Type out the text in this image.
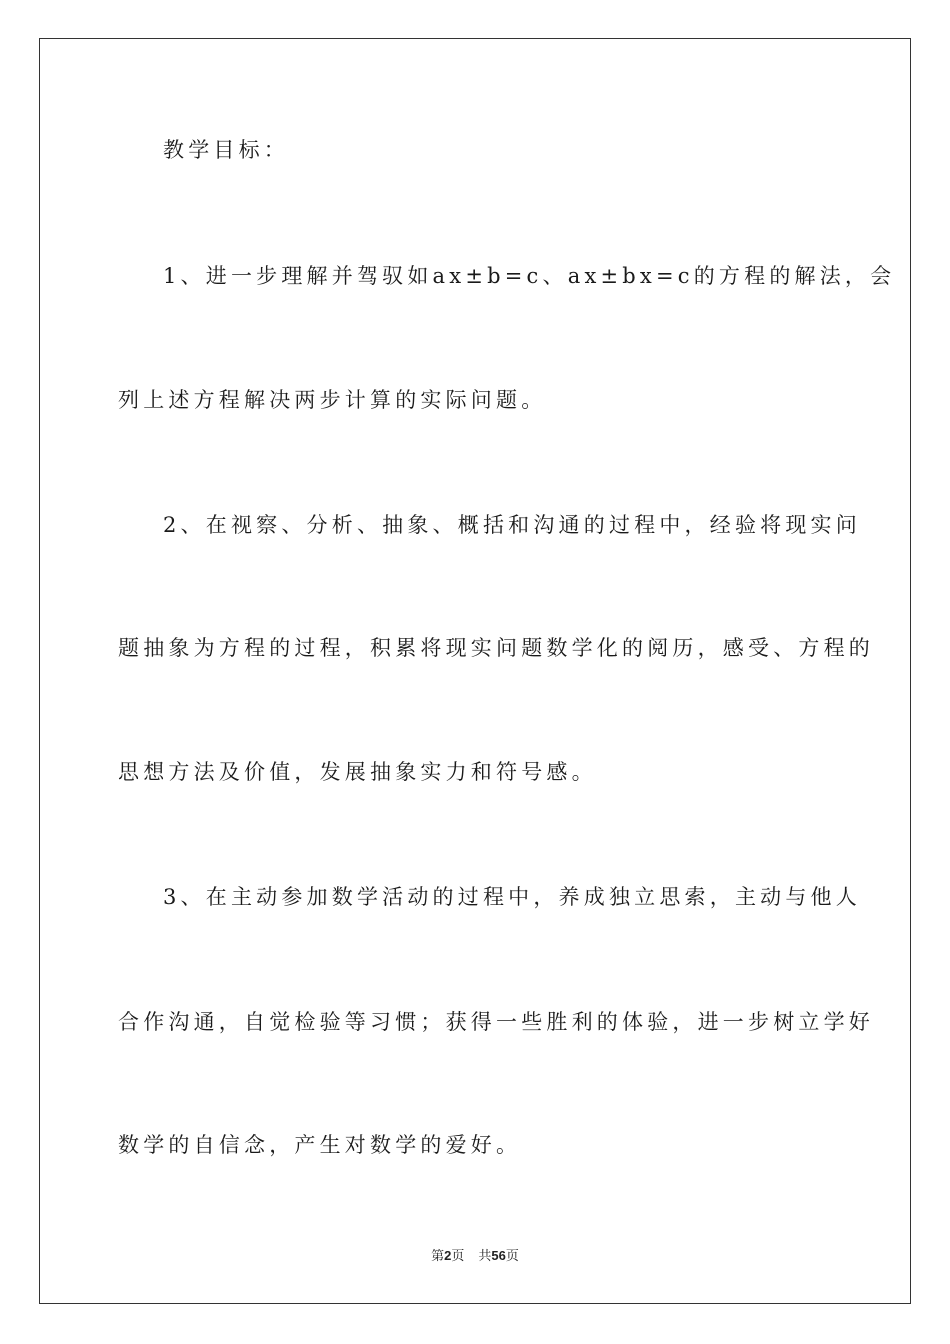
教学目标：
1、进一步理解并驾驭如ax±b=c、ax±bx=c的方程的解法，会
列上述方程解决两步计算的实际问题。
2、在视察、分析、抽象、概括和沟通的过程中，经验将现实问
题抽象为方程的过程，积累将现实问题数学化的阅历，感受、方程的
思想方法及价值，发展抽象实力和符号感。
3、在主动参加数学活动的过程中，养成独立思索，主动与他人
合作沟通，自觉检验等习惯；获得一些胜利的体验，进一步树立学好
数学的自信念，产生对数学的爱好。
第2页 共56页
